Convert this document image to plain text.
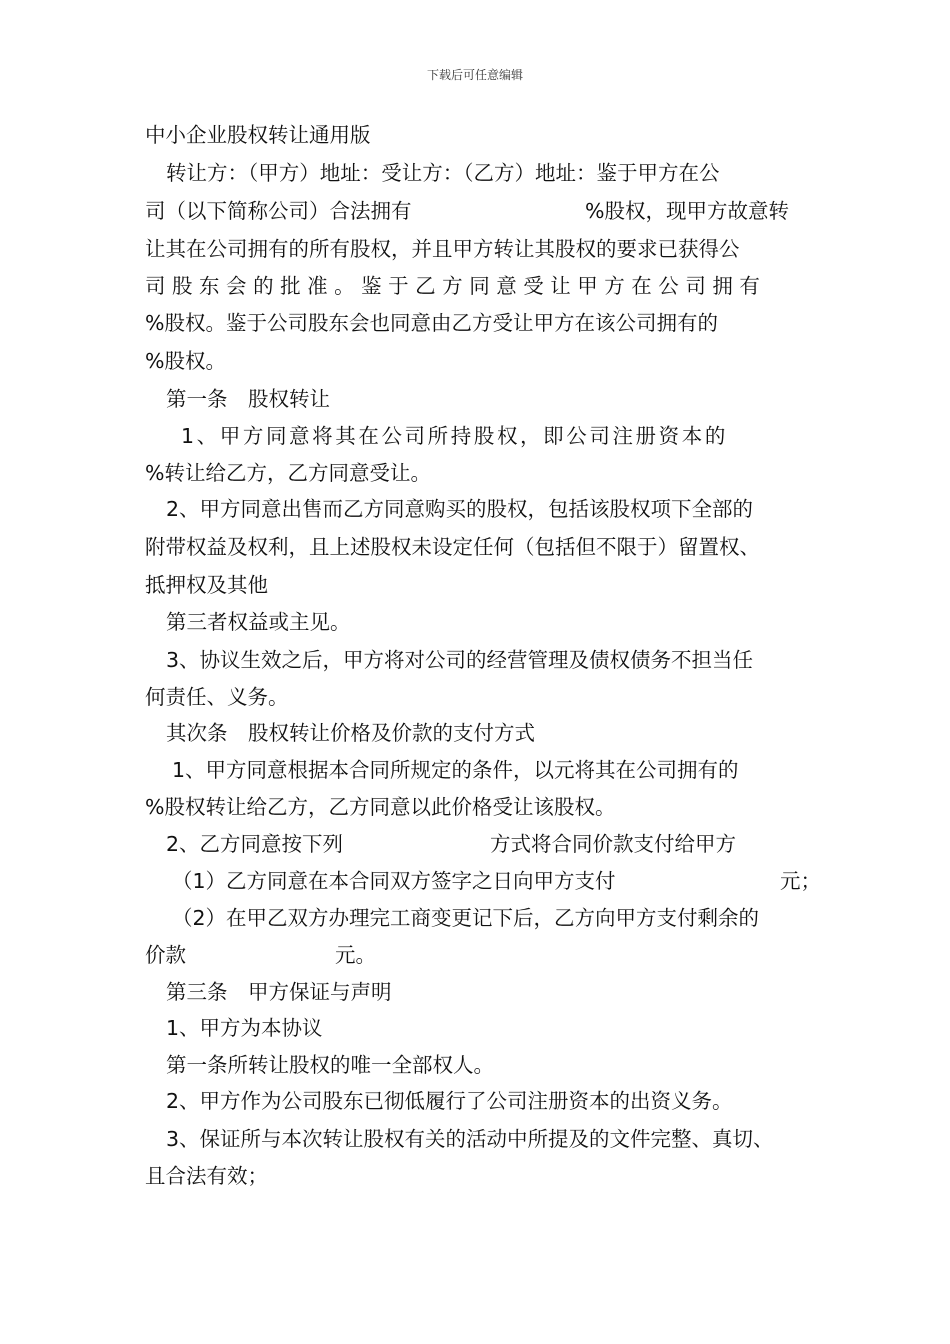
下载后可任意编辑
中小企业股权转让通用版
转让方：（甲方）地址：受让方：（乙方）地址：鉴于甲方在公
司（以下简称公司）合法拥有	%股权，现甲方故意转
让其在公司拥有的所有股权，并且甲方转让其股权的要求已获得公
司 股 东 会 的 批 准 。 鉴 于 乙 方 同 意 受 让 甲 方 在 公 司 拥 有
%股权。鉴于公司股东会也同意由乙方受让甲方在该公司拥有的
%股权。
第一条　股权转让
1、甲方同意将其在公司所持股权，即公司注册资本的
%转让给乙方，乙方同意受让。
2、甲方同意出售而乙方同意购买的股权，包括该股权项下全部的
附带权益及权利，且上述股权未设定任何（包括但不限于）留置权、
抵押权及其他
第三者权益或主见。
3、协议生效之后，甲方将对公司的经营管理及债权债务不担当任
何责任、义务。
其次条　股权转让价格及价款的支付方式
1、甲方同意根据本合同所规定的条件，以元将其在公司拥有的
%股权转让给乙方，乙方同意以此价格受让该股权。
2、乙方同意按下列	方式将合同价款支付给甲方
（1）乙方同意在本合同双方签字之日向甲方支付	元；
（2）在甲乙双方办理完工商变更记下后，乙方向甲方支付剩余的
价款	元。
第三条　甲方保证与声明
1、甲方为本协议
第一条所转让股权的唯一全部权人。
2、甲方作为公司股东已彻低履行了公司注册资本的出资义务。
3、保证所与本次转让股权有关的活动中所提及的文件完整、真切、
且合法有效；
